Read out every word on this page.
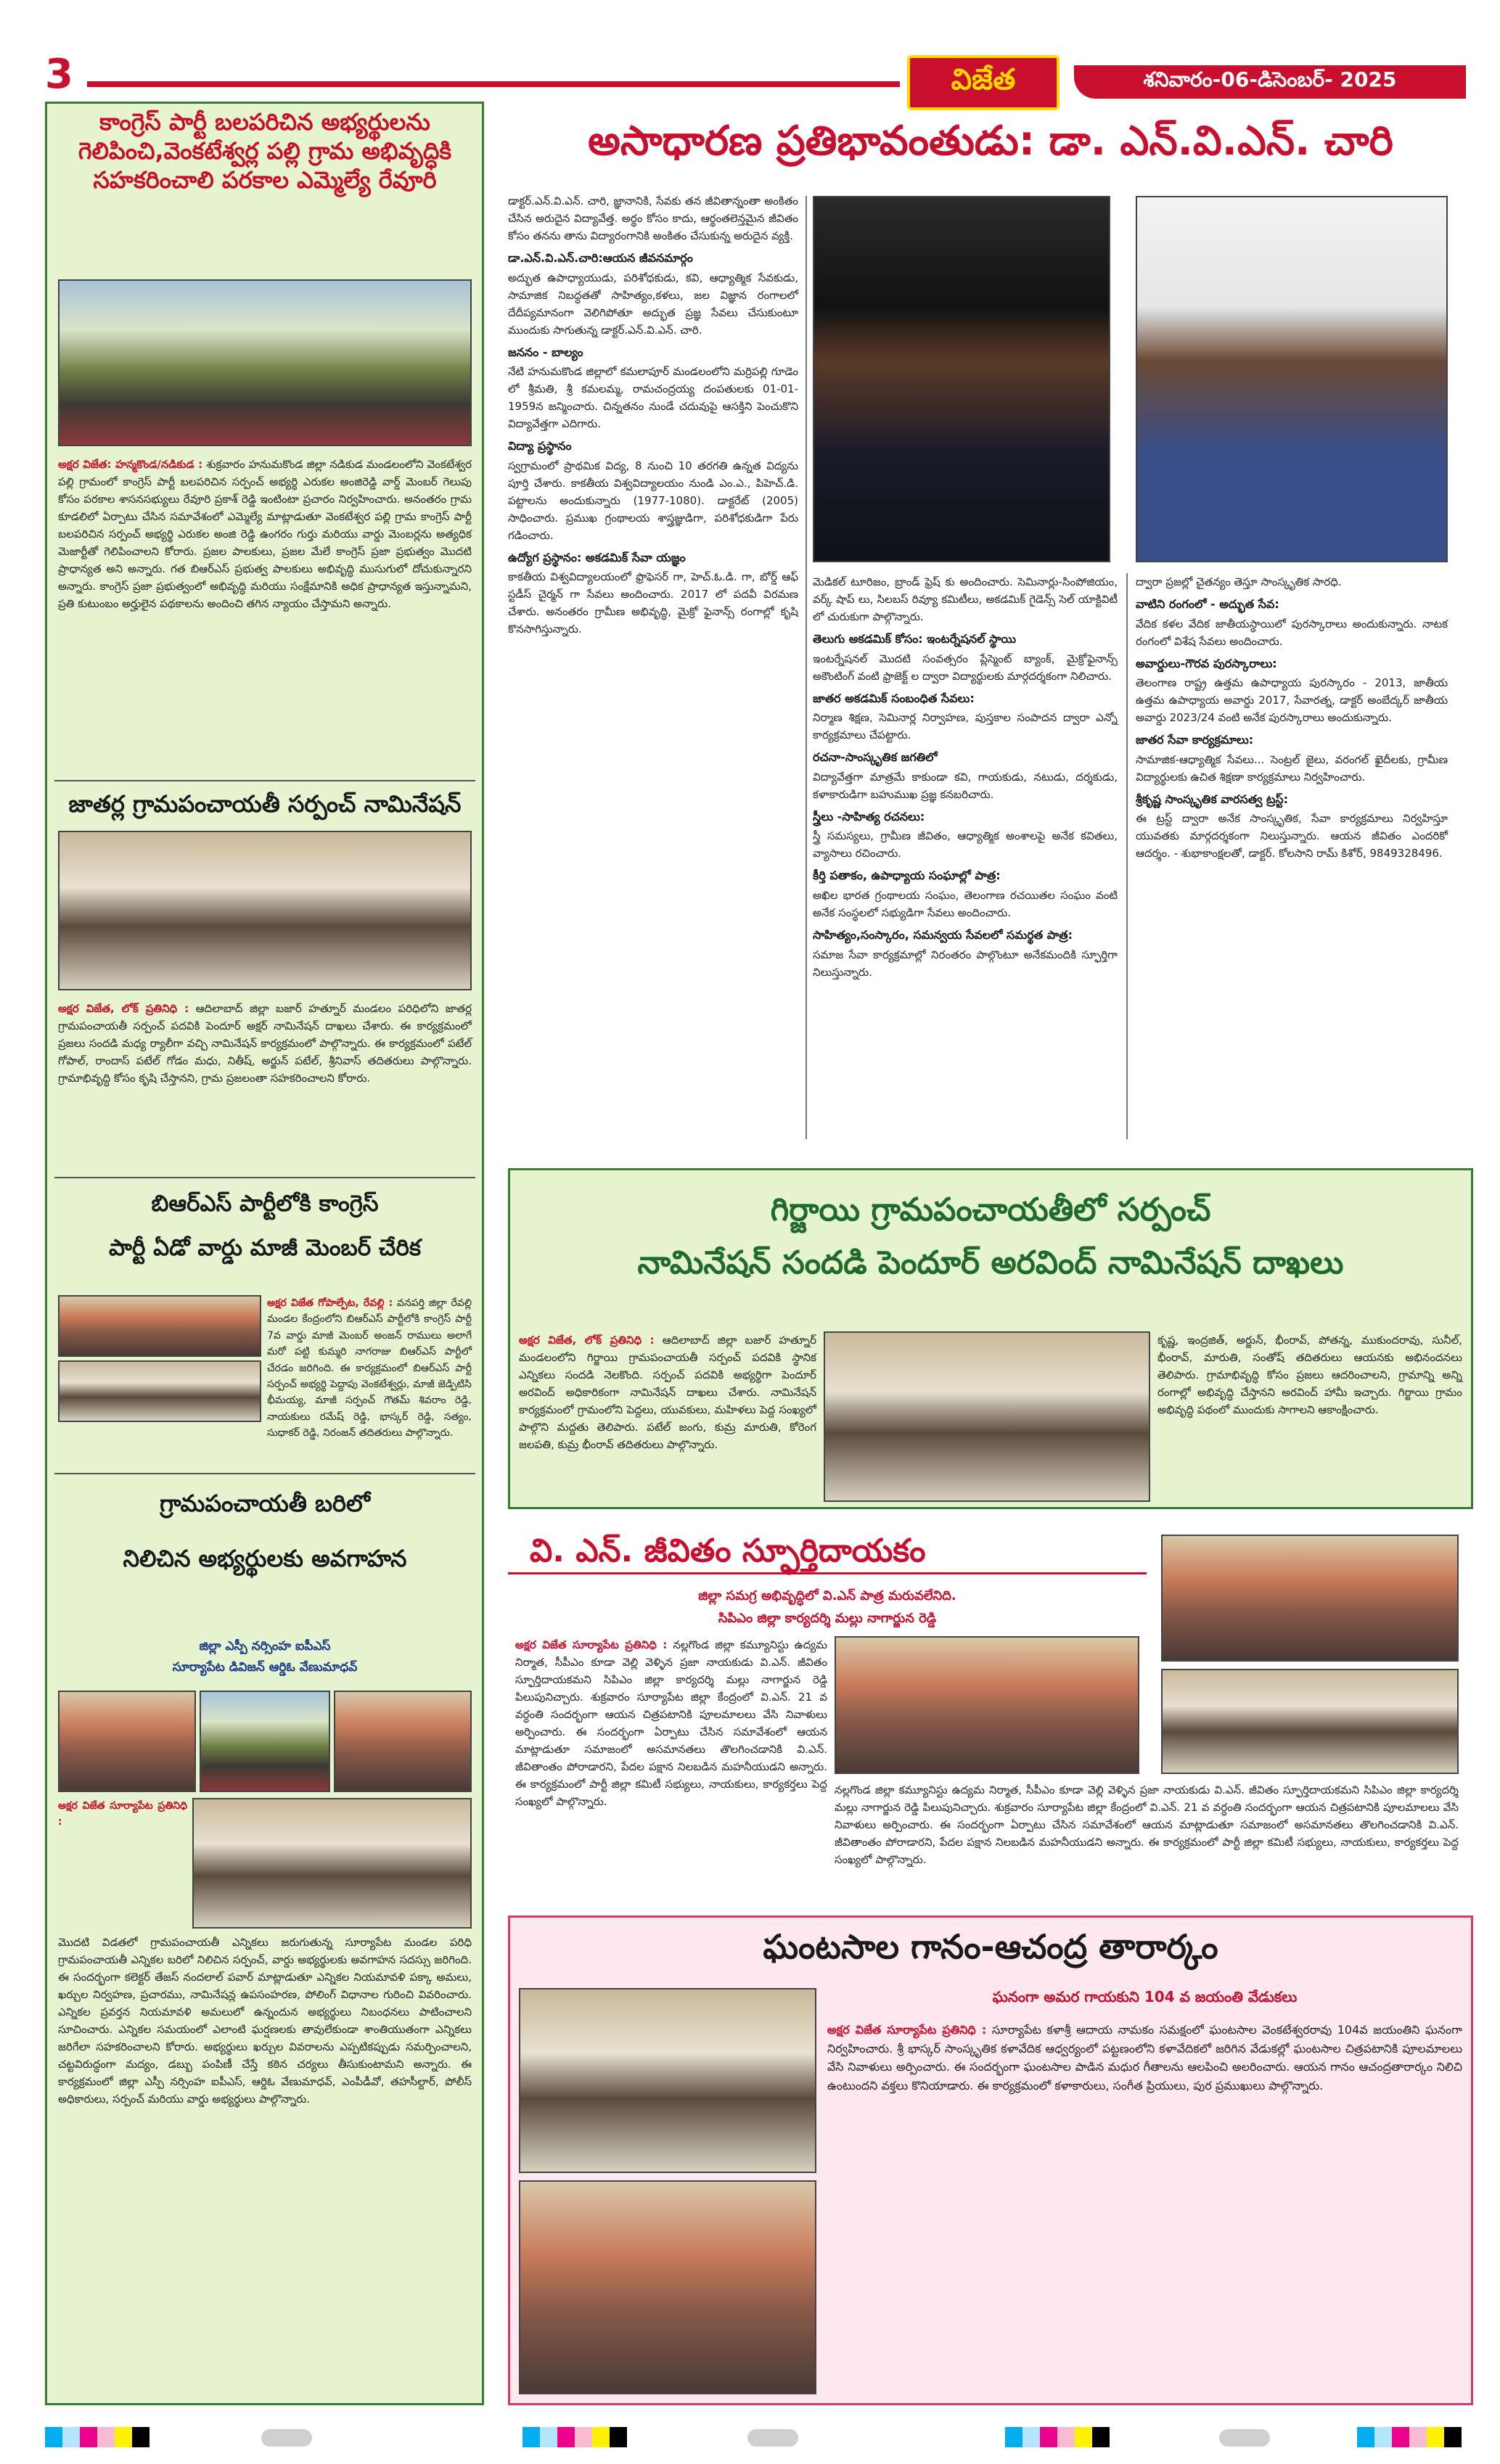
3	విజేత	శనివారం-06-డిసెంబర్- 2025
కాంగ్రెస్ పార్టీ బలపరిచిన అభ్యర్థులను
గెలిపించి,వెంకటేశ్వర్ల పల్లి గ్రామ అభివృద్ధికి
సహకరించాలి పరకాల ఎమ్మెల్యే రేవూరి
అక్షర విజేత: హన్మకొండ/నడికుడ : శుక్రవారం హనుమకొండ జిల్లా నడికుడ మండలంలోని వెంకటేశ్వర పల్లి గ్రామంలో కాంగ్రెస్ పార్టీ బలపరిచిన సర్పంచ్ అభ్యర్థి ఎరుకల అంజిరెడ్డి వార్డ్ మెంబర్ గెలుపు కోసం పరకాల శాసనసభ్యులు రేవూరి ప్రకాశ్ రెడ్డి ఇంటింటా ప్రచారం నిర్వహించారు. అనంతరం గ్రామ కూడలిలో ఏర్పాటు చేసిన సమావేశంలో ఎమ్మెల్యే మాట్లాడుతూ వెంకటేశ్వర పల్లి గ్రామ కాంగ్రెస్ పార్టీ బలపరిచిన సర్పంచ్ అభ్యర్థి ఎరుకల అంజి రెడ్డి ఉంగరం గుర్తు మరియు వార్డు మెంబర్లను అత్యధిక మెజార్టీతో గెలిపించాలని కోరారు. ప్రజల పాలకులు, ప్రజల మేలే కాంగ్రెస్ ప్రజా ప్రభుత్వం మొదటి ప్రాధాన్యత అని అన్నారు. గత బిఆర్ఎస్ ప్రభుత్వ పాలకులు అభివృద్ధి ముసుగులో దోచుకున్నారని అన్నారు. కాంగ్రెస్ ప్రజా ప్రభుత్వంలో అభివృద్ధి మరియు సంక్షేమానికి అధిక ప్రాధాన్యత ఇస్తున్నామని, ప్రతి కుటుంబం అర్హులైన పథకాలను అందించి తగిన న్యాయం చేస్తామని అన్నారు.
జాతర్ల గ్రామపంచాయతీ సర్పంచ్ నామినేషన్
అక్షర విజేత, లోక్ ప్రతినిధి : ఆదిలాబాద్ జిల్లా బజార్ హత్నూర్ మండలం పరిధిలోని జాతర్ల గ్రామపంచాయతీ సర్పంచ్ పదవికి పెందూర్ అక్షర్ నామినేషన్ దాఖలు చేశారు. ఈ కార్యక్రమంలో ప్రజలు సందడి మధ్య ర్యాలీగా వచ్చి నామినేషన్ కార్యక్రమంలో పాల్గొన్నారు. ఈ కార్యక్రమంలో పటేల్ గోపాల్, రాందాస్ పటేల్ గోడం మధు, నితీష్, అర్జున్ పటేల్, శ్రీనివాస్ తదితరులు పాల్గొన్నారు. గ్రామాభివృద్ధి కోసం కృషి చేస్తానని, గ్రామ ప్రజలంతా సహకరించాలని కోరారు.
బిఆర్ఎస్ పార్టీలోకి కాంగ్రెస్
పార్టీ ఏడో వార్డు మాజీ మెంబర్ చేరిక
అక్షర విజేత గోపాల్పేట, రేవల్లి : వనపర్తి జిల్లా రేవల్లి మండల కేంద్రంలోని బిఆర్ఎస్ పార్టీలోకి కాంగ్రెస్ పార్టీ 7వ వార్డు మాజీ మెంబర్ అంజన్ రాములు అలాగే మరో పట్టి కుమ్మరి నాగరాజు బిఆర్ఎస్ పార్టీలో చేరడం జరిగింది. ఈ కార్యక్రమంలో బిఆర్ఎస్ పార్టీ సర్పంచ్ అభ్యర్థి పెద్దాపు వెంకటేశ్వర్లు, మాజీ జెడ్పిటిసి భీమయ్య, మాజీ సర్పంచ్ గౌతమ్ శివరాం రెడ్డి, నాయకులు రమేష్ రెడ్డి, భాస్కర్ రెడ్డి, సత్యం, సుధాకర్ రెడ్డి, నిరంజన్ తదితరులు పాల్గొన్నారు.
గ్రామపంచాయతీ బరిలో
నిలిచిన అభ్యర్థులకు అవగాహన
జిల్లా ఎస్పీ నర్సింహ ఐపీఎస్
సూర్యాపేట డివిజన్ ఆర్డిఓ వేణుమాధవ్
అక్షర విజేత సూర్యాపేట ప్రతినిధి :
మొదటి విడతలో గ్రామపంచాయతీ ఎన్నికలు జరుగుతున్న సూర్యాపేట మండల పరిధి గ్రామపంచాయతీ ఎన్నికల బరిలో నిలిచిన సర్పంచ్, వార్డు అభ్యర్థులకు అవగాహన సదస్సు జరిగింది. ఈ సందర్భంగా కలెక్టర్ తేజస్ నందలాల్ పవార్ మాట్లాడుతూ ఎన్నికల నియమావళి పక్కా అమలు, ఖర్చుల నిర్వహణ, ప్రచారము, నామినేషన్ల ఉపసంహరణ, పోలింగ్ విధానాల గురించి వివరించారు. ఎన్నికల ప్రవర్తన నియమావళి అమలులో ఉన్నందున అభ్యర్థులు నిబంధనలు పాటించాలని సూచించారు. ఎన్నికల సమయంలో ఎలాంటి ఘర్షణలకు తావులేకుండా శాంతియుతంగా ఎన్నికలు జరిగేలా సహకరించాలని కోరారు. అభ్యర్థులు ఖర్చుల వివరాలను ఎప్పటికప్పుడు సమర్పించాలని, చట్టవిరుద్ధంగా మద్యం, డబ్బు పంపిణీ చేస్తే కఠిన చర్యలు తీసుకుంటామని అన్నారు. ఈ కార్యక్రమంలో జిల్లా ఎస్పీ నర్సింహ ఐపీఎస్, ఆర్డిఓ వేణుమాధవ్, ఎంపీడీవో, తహసీల్దార్, పోలీస్ అధికారులు, సర్పంచ్ మరియు వార్డు అభ్యర్థులు పాల్గొన్నారు.
అసాధారణ ప్రతిభావంతుడు: డా. ఎన్.వి.ఎన్. చారి

డాక్టర్.ఎన్.వి.ఎన్. చారి, జ్ఞానానికి, సేవకు తన జీవితాన్నంతా అంకితం చేసిన అరుదైన విద్యావేత్త. అర్థం కోసం కాదు, ఆర్థంతలెన్తమైన జీవితం కోసం తనను తాను విద్యారంగానికి అంకితం చేసుకున్న అరుదైన వ్యక్తి.

డా.ఎన్.వి.ఎన్.చారి:ఆయన జీవనమార్గం

అద్భుత ఉపాధ్యాయుడు, పరిశోధకుడు, కవి, ఆధ్యాత్మిక సేవకుడు, సామాజిక నిబద్ధతతో సాహిత్యం,కళలు, జల విజ్ఞాన రంగాలలో దేదీప్యమానంగా వెలిగిపోతూ అద్భుత ప్రజ్ఞ సేవలు చేసుకుంటూ ముందుకు సాగుతున్న డాక్టర్.ఎన్.వి.ఎన్. చారి.

జననం - బాల్యం

నేటి హనుమకొండ జిల్లాలో కమలాపూర్ మండలంలోని మర్రిపల్లి గూడెం లో శ్రీమతి, శ్రీ కమలమ్మ, రామచంద్రయ్య దంపతులకు 01-01-1959న జన్మించారు. చిన్నతనం నుండే చదువుపై ఆసక్తిని పెంచుకొని విద్యావేత్తగా ఎదిగారు.

విద్యా ప్రస్థానం

స్వగ్రామంలో ప్రాథమిక విద్య, 8 నుంచి 10 తరగతి ఉన్నత విద్యను పూర్తి చేశారు. కాకతీయ విశ్వవిద్యాలయం నుండి ఎం.ఎ., పిహెచ్.డి. పట్టాలను అందుకున్నారు (1977-1080). డాక్టరేట్ (2005) సాధించారు. ప్రముఖ గ్రంథాలయ శాస్త్రజ్ఞుడిగా, పరిశోధకుడిగా పేరు గడించారు.

ఉద్యోగ ప్రస్థానం: అకడమిక్ సేవా యజ్ఞం

కాకతీయ విశ్వవిద్యాలయంలో ఫ్రొఫెసర్ గా, హెచ్.ఓ.డి. గా, బోర్డ్ ఆఫ్ స్టడీస్ చైర్మన్ గా సేవలు అందించారు. 2017 లో పదవీ విరమణ చేశారు. అనంతరం గ్రామీణ అభివృద్ధి, మైక్రో ఫైనాన్స్ రంగాల్లో కృషి కొనసాగిస్తున్నారు.

మెడికల్ టూరిజం, బ్రాండ్ ఫ్రెష్ కు అందించారు. సెమినార్లు-సింపోజియం, వర్క్ షాప్ లు, సిలబస్ రివ్యూ కమిటీలు, అకడమిక్ గైడెన్స్ సెల్ యాక్టివిటీ లో చురుకుగా పాల్గొన్నారు.

తెలుగు అకడమిక్ కోసం: ఇంటర్నేషనల్ స్థాయి

ఇంటర్నేషనల్ మొదటి సంవత్సరం ప్లేస్మెంట్ బ్యాంక్, మైక్రోఫైనాన్స్ అకౌంటింగ్ వంటి ఫ్రాజెక్ట్ ల ద్వారా విద్యార్థులకు మార్గదర్శకంగా నిలిచారు.

జాతర అకడమిక్ సంబంధిత సేవలు:

నిర్మాణ శిక్షణ, సెమినార్ల నిర్వాహణ, పుస్తకాల సంపాదన ద్వారా ఎన్నో కార్యక్రమాలు చేపట్టారు.

రచనా-సాంస్కృతిక జగతిలో

విద్యావేత్తగా మాత్రమే కాకుండా కవి, గాయకుడు, నటుడు, దర్శకుడు, కళాకారుడిగా బహుముఖ ప్రజ్ఞ కనబరిచారు.

స్త్రీలు -సాహిత్య రచనలు:

స్త్రీ సమస్యలు, గ్రామీణ జీవితం, ఆధ్యాత్మిక అంశాలపై అనేక కవితలు, వ్యాసాలు రచించారు.

కీర్తి పతాకం, ఉపాధ్యాయ సంఘాల్లో పాత్ర:

అఖిల భారత గ్రంథాలయ సంఘం, తెలంగాణ రచయితల సంఘం వంటి అనేక సంస్థలలో సభ్యుడిగా సేవలు అందించారు.

సాహిత్యం,సంస్కారం, సమన్వయ సేవలలో సమర్థత పాత్ర:

సమాజ సేవా కార్యక్రమాల్లో నిరంతరం పాల్గొంటూ అనేకమందికి స్ఫూర్తిగా నిలుస్తున్నారు.

ద్వారా ప్రజల్లో చైతన్యం తెస్తూ సాంస్కృతిక సారధి.

వాటిని రంగంలో - అద్భుత సేవ:

వేదిక కళల వేదిక జాతీయస్థాయిలో పురస్కారాలు అందుకున్నారు. నాటక రంగంలో విశేష సేవలు అందించారు.

అవార్డులు-గౌరవ పురస్కారాలు:

తెలంగాణ రాష్ట్ర ఉత్తమ ఉపాధ్యాయ పురస్కారం - 2013, జాతీయ ఉత్తమ ఉపాధ్యాయ అవార్డు 2017, సేవారత్న, డాక్టర్ అంబేద్కర్ జాతీయ అవార్డు 2023/24 వంటి అనేక పురస్కారాలు అందుకున్నారు.

జాతర సేవా కార్యక్రమాలు:

సామాజిక-ఆధ్యాత్మిక సేవలు... సెంట్రల్ జైలు, వరంగల్ ఖైదీలకు, గ్రామీణ విద్యార్థులకు ఉచిత శిక్షణా కార్యక్రమాలు నిర్వహించారు.

శ్రీకృష్ణ సాంస్కృతిక వారసత్వ ట్రస్ట్:

ఈ ట్రస్ట్ ద్వారా అనేక సాంస్కృతిక, సేవా కార్యక్రమాలు నిర్వహిస్తూ యువతకు మార్గదర్శకంగా నిలుస్తున్నారు. ఆయన జీవితం ఎందరికో ఆదర్శం. - శుభాకాంక్షలతో, డాక్టర్. కోలసాని రామ్ కిశోర్, 9849328496.

గిర్జాయి గ్రామపంచాయతీలో సర్పంచ్
నామినేషన్ సందడి పెందూర్ అరవింద్ నామినేషన్ దాఖలు
అక్షర విజేత, లోక్ ప్రతినిధి : ఆదిలాబాద్ జిల్లా బజార్ హత్నూర్ మండలంలోని గిర్జాయి గ్రామపంచాయతీ సర్పంచ్ పదవికి స్థానిక ఎన్నికలు సందడి నెలకొంది. సర్పంచ్ పదవికి అభ్యర్థిగా పెందూర్ అరవింద్ అధికారికంగా నామినేషన్ దాఖలు చేశారు. నామినేషన్ కార్యక్రమంలో గ్రామంలోని పెద్దలు, యువకులు, మహిళలు పెద్ద సంఖ్యలో పాల్గొని మద్దతు తెలిపారు. పటేల్ జంగు, కుమ్ర మారుతి, కోరెంగ జలపతి, కుమ్ర భీంరావ్ తదితరులు పాల్గొన్నారు.
కృష్ణ, ఇంద్రజిత్, అర్జున్, భీంరావ్, పోతన్న, ముకుందరావు, సునీల్, భీంరావ్, మారుతి, సంతోష్ తదితరులు ఆయనకు అభినందనలు తెలిపారు. గ్రామాభివృద్ధి కోసం ప్రజలు ఆదరించాలని, గ్రామాన్ని అన్ని రంగాల్లో అభివృద్ధి చేస్తానని అరవింద్ హామీ ఇచ్చారు. గిర్జాయి గ్రామం అభివృద్ధి పథంలో ముందుకు సాగాలని ఆకాంక్షించారు.
వి. ఎన్. జీవితం స్ఫూర్తిదాయకం
జిల్లా సమగ్ర అభివృద్ధిలో వి.ఎన్ పాత్ర మరువలేనిది.
సిపిఎం జిల్లా కార్యదర్శి మల్లు నాగార్జున రెడ్డి
అక్షర విజేత సూర్యాపేట ప్రతినిధి : నల్లగొండ జిల్లా కమ్యూనిస్టు ఉద్యమ నిర్మాత, సీపీఎం కూడా వెల్లి వెళ్ళిన ప్రజా నాయకుడు వి.ఎన్. జీవితం స్ఫూర్తిదాయకమని సిపిఎం జిల్లా కార్యదర్శి మల్లు నాగార్జున రెడ్డి పిలుపునిచ్చారు. శుక్రవారం సూర్యాపేట జిల్లా కేంద్రంలో వి.ఎన్. 21 వ వర్ధంతి సందర్భంగా ఆయన చిత్రపటానికి పూలమాలలు వేసి నివాళులు అర్పించారు. ఈ సందర్భంగా ఏర్పాటు చేసిన సమావేశంలో ఆయన మాట్లాడుతూ సమాజంలో అసమానతలు తొలగించడానికి వి.ఎన్. జీవితాంతం పోరాడారని, పేదల పక్షాన నిలబడిన మహనీయుడని అన్నారు. ఈ కార్యక్రమంలో పార్టీ జిల్లా కమిటీ సభ్యులు, నాయకులు, కార్యకర్తలు పెద్ద సంఖ్యలో పాల్గొన్నారు.
నల్లగొండ జిల్లా కమ్యూనిస్టు ఉద్యమ నిర్మాత, సీపీఎం కూడా వెల్లి వెళ్ళిన ప్రజా నాయకుడు వి.ఎన్. జీవితం స్ఫూర్తిదాయకమని సిపిఎం జిల్లా కార్యదర్శి మల్లు నాగార్జున రెడ్డి పిలుపునిచ్చారు. శుక్రవారం సూర్యాపేట జిల్లా కేంద్రంలో వి.ఎన్. 21 వ వర్ధంతి సందర్భంగా ఆయన చిత్రపటానికి పూలమాలలు వేసి నివాళులు అర్పించారు. ఈ సందర్భంగా ఏర్పాటు చేసిన సమావేశంలో ఆయన మాట్లాడుతూ సమాజంలో అసమానతలు తొలగించడానికి వి.ఎన్. జీవితాంతం పోరాడారని, పేదల పక్షాన నిలబడిన మహనీయుడని అన్నారు. ఈ కార్యక్రమంలో పార్టీ జిల్లా కమిటీ సభ్యులు, నాయకులు, కార్యకర్తలు పెద్ద సంఖ్యలో పాల్గొన్నారు.
ఘంటసాల గానం-ఆచంద్ర తారార్కం
ఘనంగా అమర గాయకుని 104 వ జయంతి వేడుకలు
అక్షర విజేత సూర్యాపేట ప్రతినిధి : సూర్యాపేట కళాశ్రీ ఆదాయ నామకం సమక్షంలో ఘంటసాల వెంకటేశ్వరరావు 104వ జయంతిని ఘనంగా నిర్వహించారు. శ్రీ భాస్కర్ సాంస్కృతిక కళావేదిక ఆధ్వర్యంలో పట్టణంలోని కళావేదికలో జరిగిన వేడుకల్లో ఘంటసాల చిత్రపటానికి పూలమాలలు వేసి నివాళులు అర్పించారు. ఈ సందర్భంగా ఘంటసాల పాడిన మధుర గీతాలను ఆలపించి అలరించారు. ఆయన గానం ఆచంద్రతారార్కం నిలిచి ఉంటుందని వక్తలు కొనియాడారు. ఈ కార్యక్రమంలో కళాకారులు, సంగీత ప్రియులు, పుర ప్రముఖులు పాల్గొన్నారు.
